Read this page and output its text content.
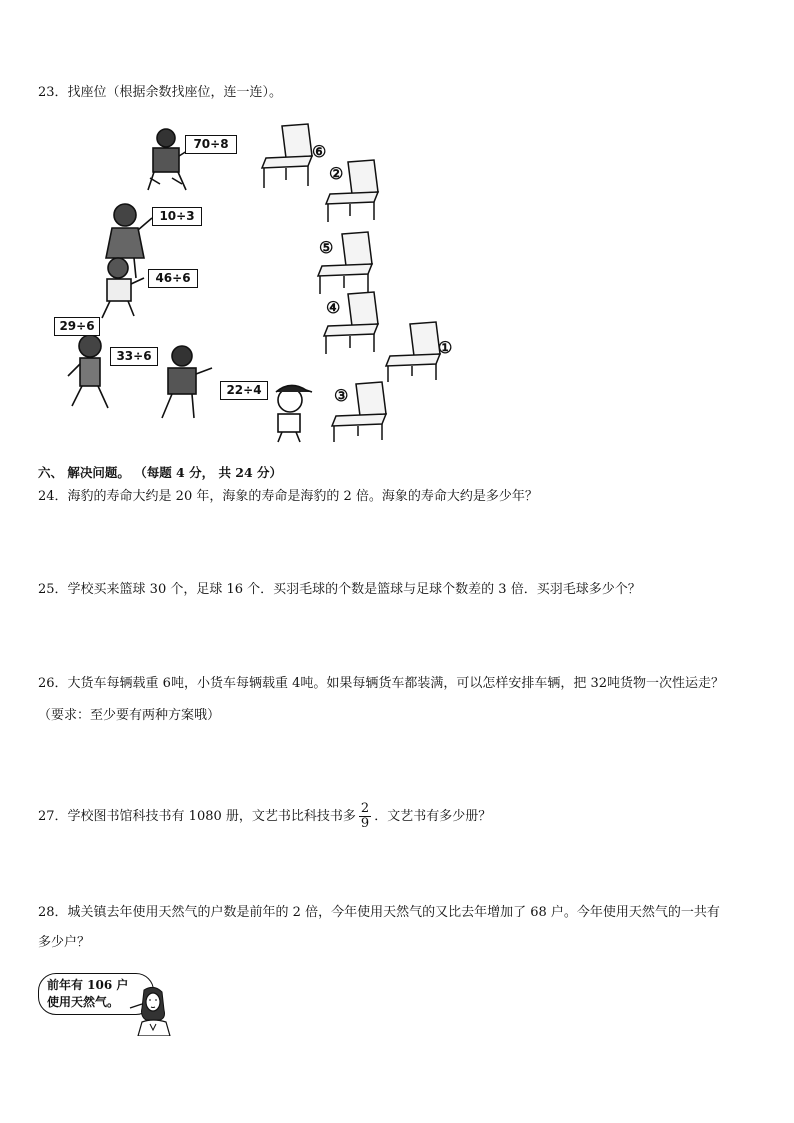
23．找座位（根据余数找座位，连一连）。
70÷8
10÷3
46÷6
29÷6
33÷6
22÷4
⑥
②
⑤
④
①
③
六、 解决问题。 （每题 4 分， 共 24 分）
24．海豹的寿命大约是 20 年，海象的寿命是海豹的 2 倍。海象的寿命大约是多少年？
25．学校买来篮球 30 个，足球 16 个．买羽毛球的个数是篮球与足球个数差的 3 倍．买羽毛球多少个？
26．大货车每辆载重 6吨，小货车每辆载重 4吨。如果每辆货车都装满，可以怎样安排车辆，把 32吨货物一次性运走？
（要求：至少要有两种方案哦）
27．学校图书馆科技书有 1080 册，文艺书比科技书多 $\frac{2}{9}$ ．文艺书有多少册？
28．城关镇去年使用天然气的户数是前年的 2 倍，今年使用天然气的又比去年增加了 68 户。今年使用天然气的一共有
多少户？
前年有 106 户
使用天然气。
